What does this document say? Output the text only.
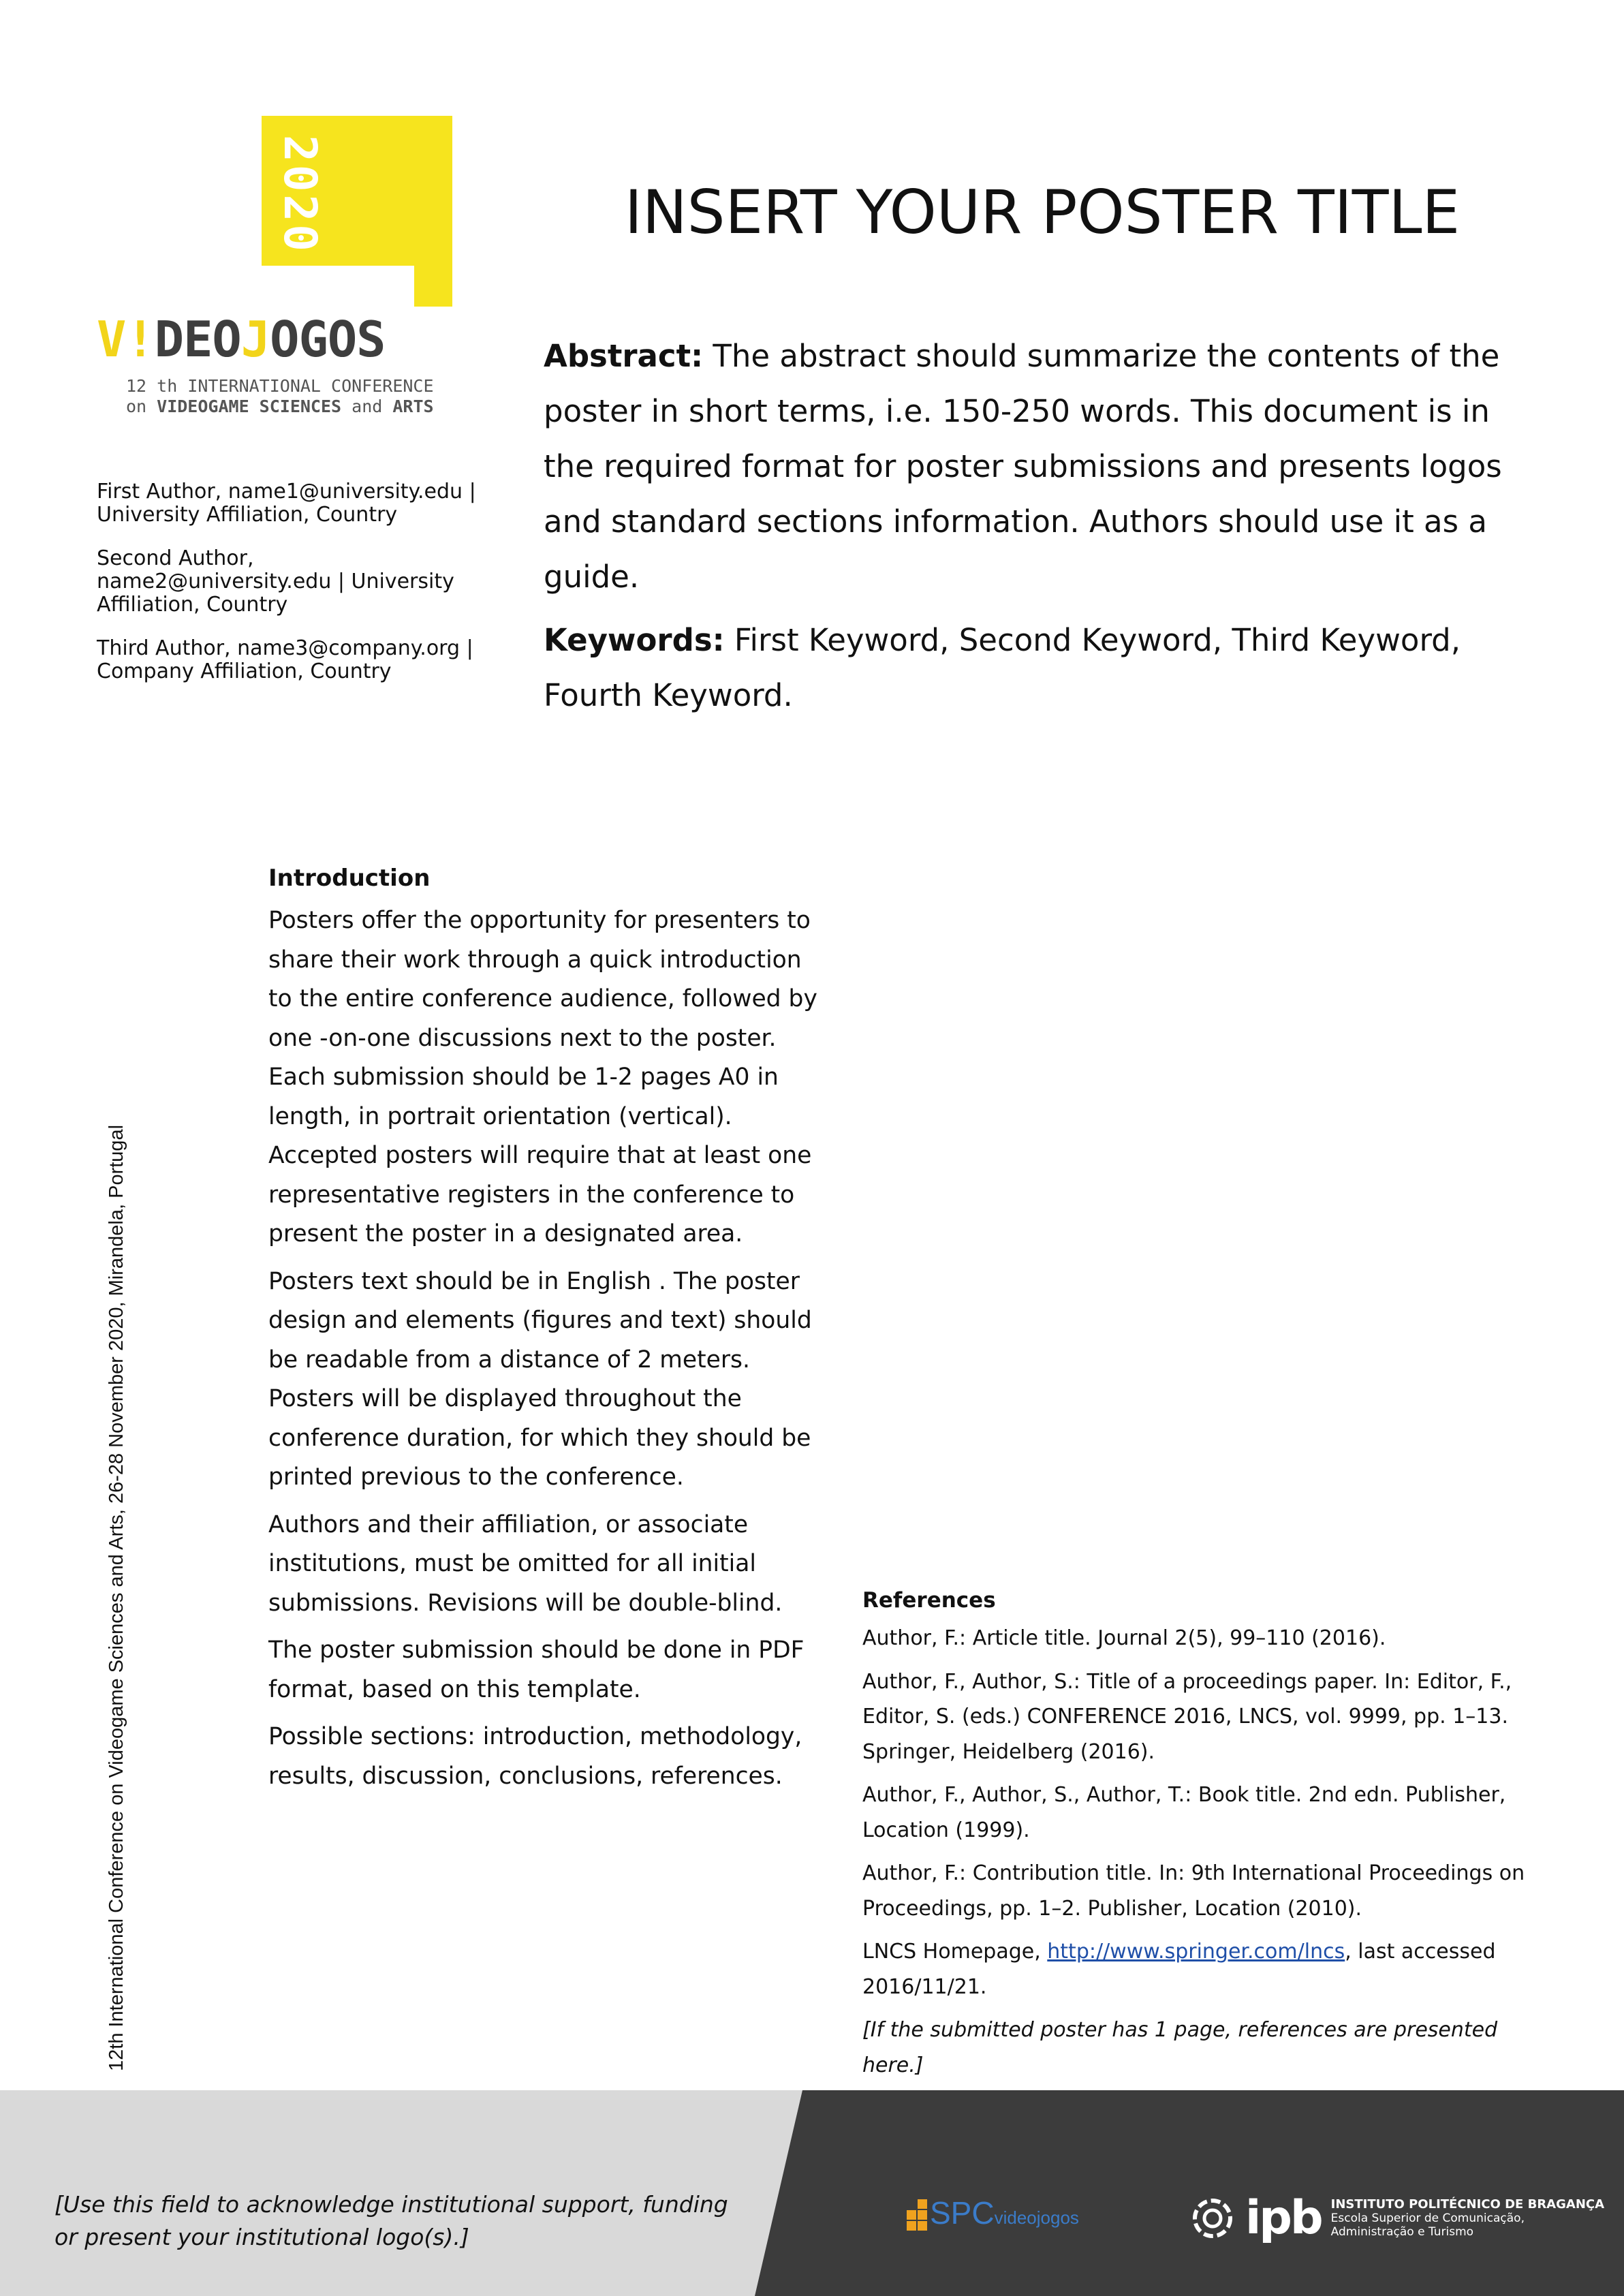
2020
V!DEOJOGOS
12 th INTERNATIONAL CONFERENCE
on VIDEOGAME SCIENCES and ARTS

First Author, name1@university.edu | University Affiliation, Country

Second Author, name2@university.edu | University Affiliation, Country

Third Author, name3@company.org | Company Affiliation, Country

INSERT YOUR POSTER TITLE

Abstract: The abstract should summarize the contents of the poster in short terms, i.e. 150-250 words. This document is in the required format for poster submissions and presents logos and standard sections information. Authors should use it as a guide.

Keywords: First Keyword, Second Keyword, Third Keyword, Fourth Keyword.

12th International Conference on Videogame Sciences and Arts, 26-28 November 2020, Mirandela, Portugal
Introduction

Posters offer the opportunity for presenters to share their work through a quick introduction to the entire conference audience, followed by one -on-one discussions next to the poster. Each submission should be 1-2 pages A0 in length, in portrait orientation (vertical). Accepted posters will require that at least one representative registers in the conference to present the poster in a designated area.

Posters text should be in English . The poster design and elements (figures and text) should be readable from a distance of 2 meters. Posters will be displayed throughout the conference duration, for which they should be printed previous to the conference.

Authors and their affiliation, or associate institutions, must be omitted for all initial submissions. Revisions will be double-blind.

The poster submission should be done in PDF format, based on this template.

Possible sections: introduction, methodology, results, discussion, conclusions, references.

References

Author, F.: Article title. Journal 2(5), 99–110 (2016).

Author, F., Author, S.: Title of a proceedings paper. In: Editor, F., Editor, S. (eds.) CONFERENCE 2016, LNCS, vol. 9999, pp. 1–13. Springer, Heidelberg (2016).

Author, F., Author, S., Author, T.: Book title. 2nd edn. Publisher, Location (1999).

Author, F.: Contribution title. In: 9th International Proceedings on Proceedings, pp. 1–2. Publisher, Location (2010).

LNCS Homepage, http://www.springer.com/lncs, last accessed 2016/11/21.

[If the submitted poster has 1 page, references are presented here.]

[Use this field to acknowledge institutional support, funding or present your institutional logo(s).]
SPCvideojogos	ipb INSTITUTO POLITÉCNICO DE BRAGANÇA
Escola Superior de Comunicação,
Administração e Turismo
